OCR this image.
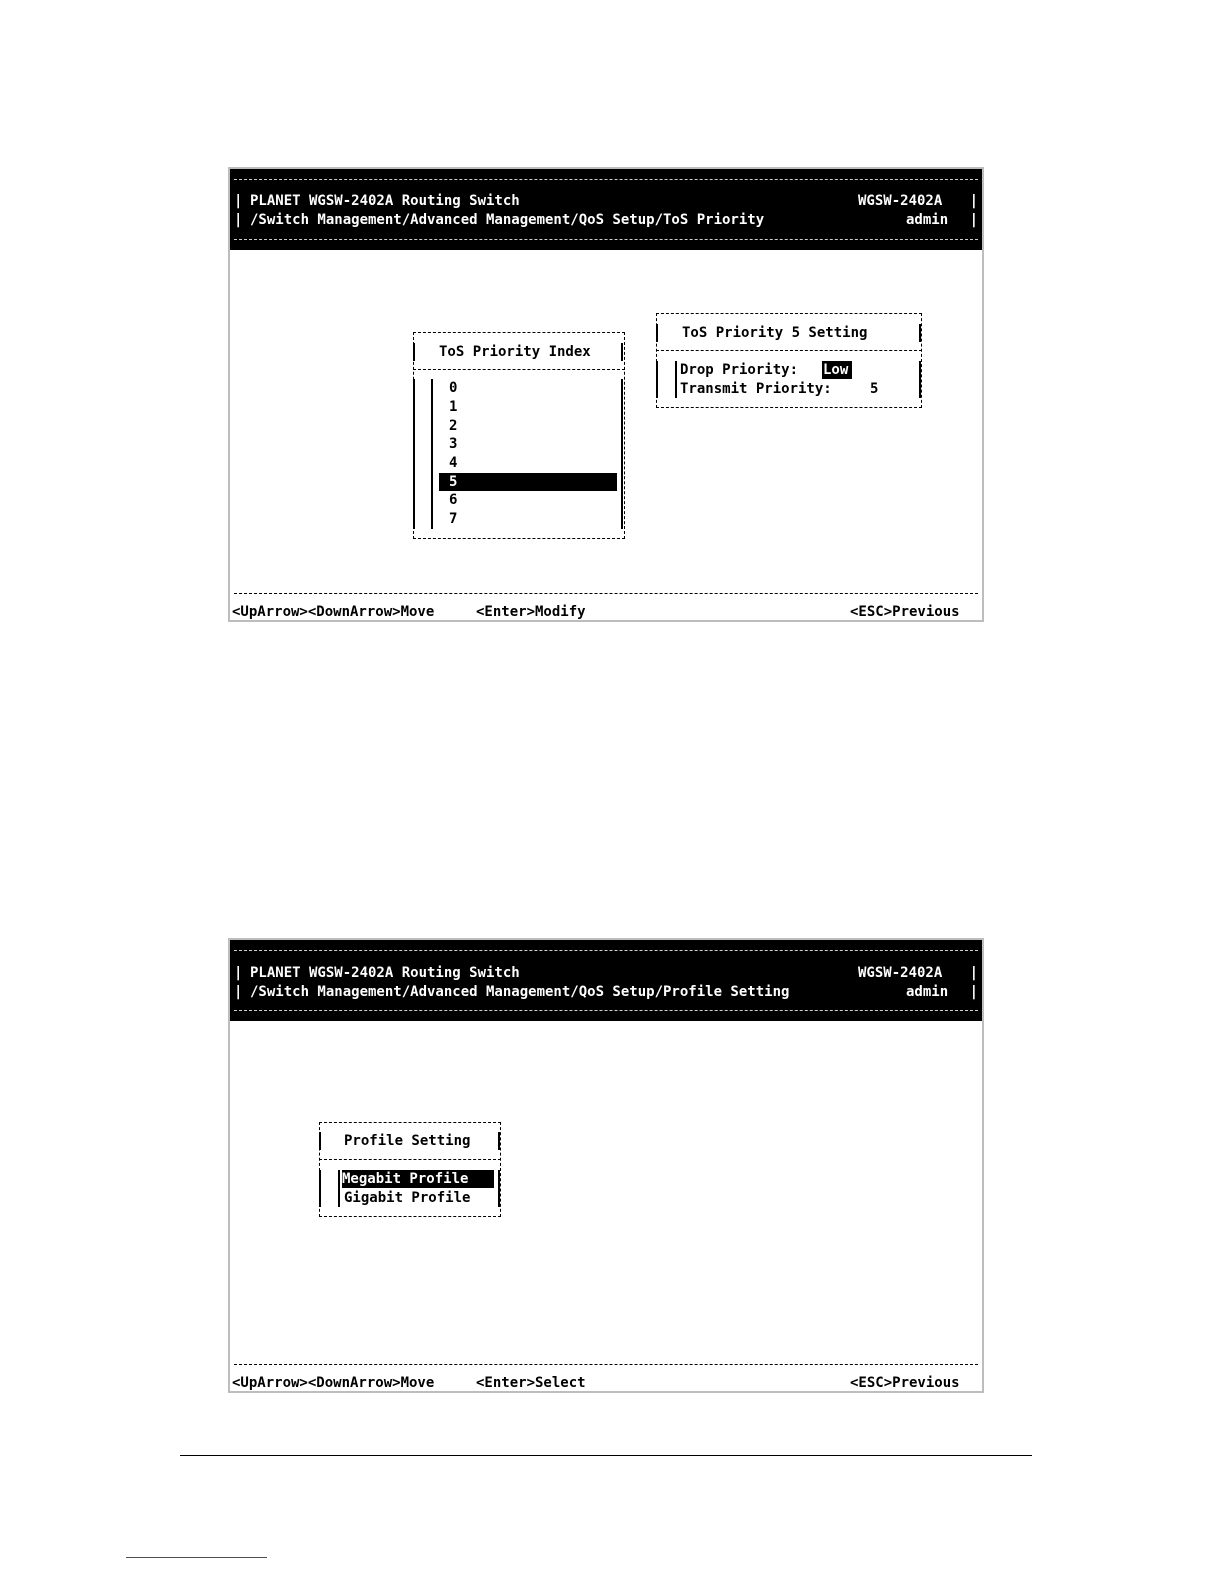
|
|
|
|
PLANET WGSW-2402A Routing Switch	WGSW-2402A
/Switch Management/Advanced Management/QoS Setup/ToS Priority	admin
ToS Priority Index
0
1
2
3
4
5
6
7
ToS Priority 5 Setting
Drop Priority: Low
Transmit Priority:	5
<UpArrow><DownArrow>Move	<Enter>Modify	<ESC>Previous
|
|
|
|
PLANET WGSW-2402A Routing Switch	WGSW-2402A
/Switch Management/Advanced Management/QoS Setup/Profile Setting	admin
Profile Setting
Megabit Profile
Gigabit Profile
<UpArrow><DownArrow>Move	<Enter>Select	<ESC>Previous
